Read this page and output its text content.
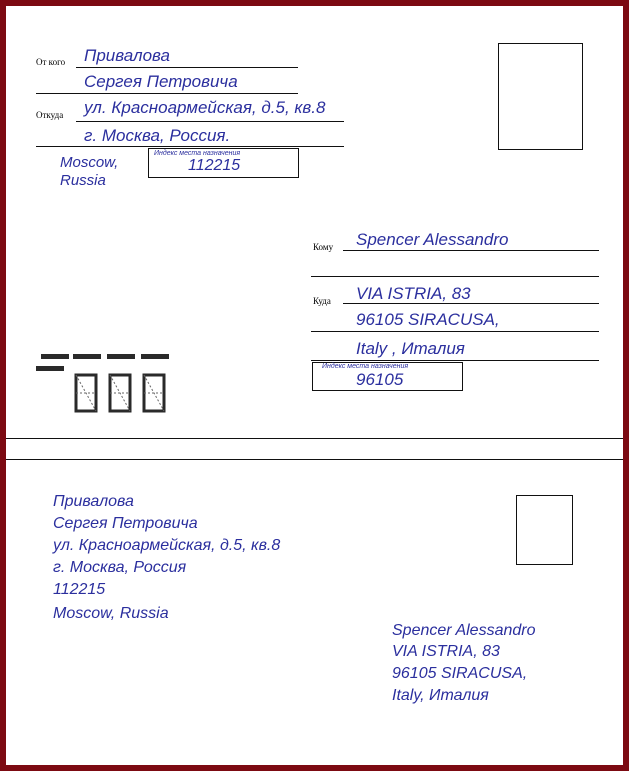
От кого Привалова
Сергея Петровича
Откуда ул. Красноармейская, д.5, кв.8
г. Москва, Россия.
Moscow,
Russia
Индекс места назначения
112215
Кому Spencer Alessandro
Куда VIA ISTRIA, 83
96105 SIRACUSA,
Italy , Италия
Индекс места назначения
96105
Привалова
Сергея Петровича
ул. Красноармейская, д.5, кв.8
г. Москва, Россия
112215
Moscow, Russia
Spencer Alessandro
VIA ISTRIA, 83
96105 SIRACUSA,
Italy, Италия
